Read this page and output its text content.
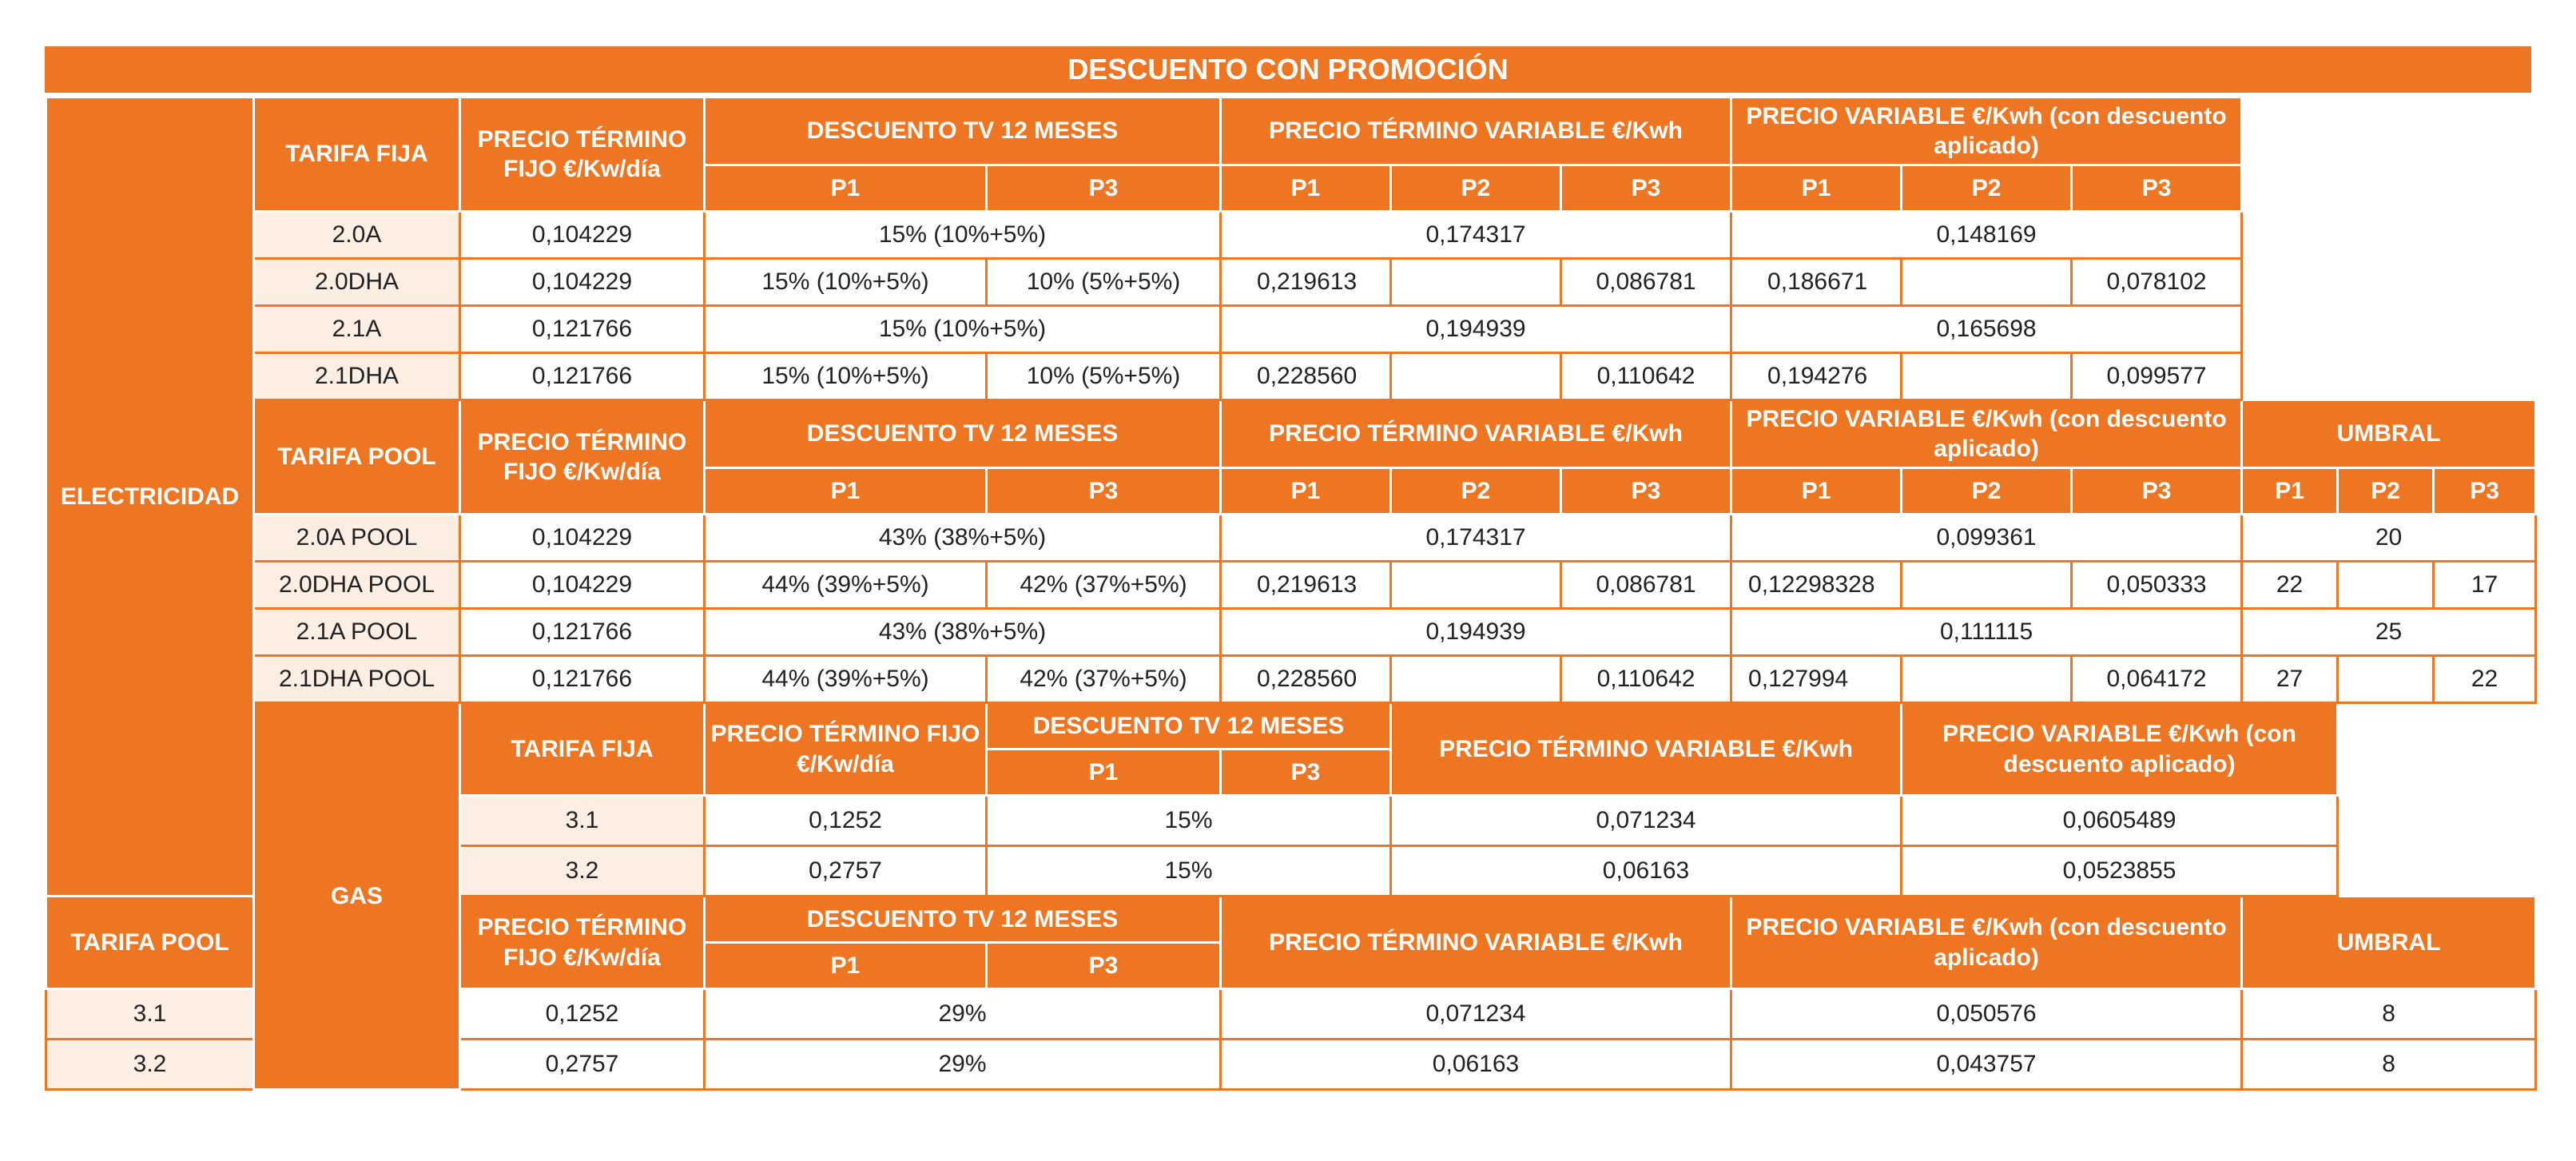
DESCUENTO CON PROMOCIÓN
ELECTRICIDAD	TARIFA FIJA	PRECIO TÉRMINO FIJO €/Kw/día	DESCUENTO TV 12 MESES		PRECIO TÉRMINO VARIABLE €/Kwh			PRECIO VARIABLE €/Kwh (con descuento aplicado)					
			P1	P3	P1	P2	P3	P1	P2	P3			
	2.0A	0,104229	15% (10%+5%)		0,174317			0,148169					
	2.0DHA	0,104229	15% (10%+5%)	10% (5%+5%)	0,219613		0,086781	0,186671		0,078102			
	2.1A	0,121766	15% (10%+5%)		0,194939			0,165698					
	2.1DHA	0,121766	15% (10%+5%)	10% (5%+5%)	0,228560		0,110642	0,194276		0,099577			
	TARIFA POOL	PRECIO TÉRMINO FIJO €/Kw/día	DESCUENTO TV 12 MESES		PRECIO TÉRMINO VARIABLE €/Kwh			PRECIO VARIABLE €/Kwh (con descuento aplicado)			UMBRAL		
			P1	P3	P1	P2	P3	P1	P2	P3	P1	P2	P3
	2.0A POOL	0,104229	43% (38%+5%)		0,174317			0,099361			20		
	2.0DHA POOL	0,104229	44% (39%+5%)	42% (37%+5%)	0,219613		0,086781	0,12298328		0,050333	22		17
	2.1A POOL	0,121766	43% (38%+5%)		0,194939			0,111115			25		
	2.1DHA POOL	0,121766	44% (39%+5%)	42% (37%+5%)	0,228560		0,110642	0,127994		0,064172	27		22
	GAS	TARIFA FIJA	PRECIO TÉRMINO FIJO €/Kw/día	DESCUENTO TV 12 MESES		PRECIO TÉRMINO VARIABLE €/Kwh			PRECIO VARIABLE €/Kwh (con descuento aplicado)				
				P1	P3								
		3.1	0,1252	15%		0,071234			0,0605489				
		3.2	0,2757	15%		0,06163			0,0523855				
TARIFA POOL		PRECIO TÉRMINO FIJO €/Kw/día	DESCUENTO TV 12 MESES		PRECIO TÉRMINO VARIABLE €/Kwh			PRECIO VARIABLE €/Kwh (con descuento aplicado)			UMBRAL		
			P1	P3									
3.1		0,1252	29%		0,071234			0,050576			8		
3.2		0,2757	29%		0,06163			0,043757			8		
